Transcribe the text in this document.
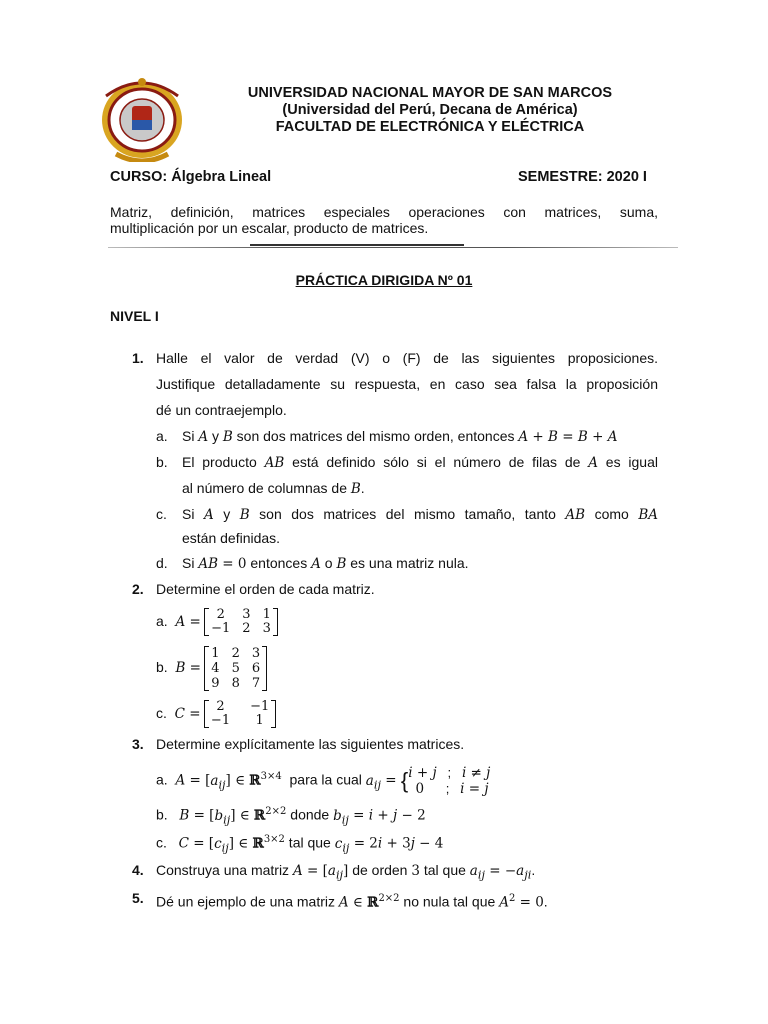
UNIVERSIDAD NACIONAL MAYOR DE SAN MARCOS
(Universidad del Perú, Decana de América)
FACULTAD DE ELECTRÓNICA Y ELÉCTRICA
CURSO: Álgebra Lineal	SEMESTRE: 2020 I
Matriz, definición, matrices especiales operaciones con matrices, suma,
multiplicación por un escalar, producto de matrices.
PRÁCTICA DIRIGIDA Nº 01
NIVEL I
1. Halle el valor de verdad (V) o (F) de las siguientes proposiciones.
Justifique detalladamente su respuesta, en caso sea falsa la proposición
dé un contraejemplo.
a. Si A y B son dos matrices del mismo orden, entonces A + B = B + A
b. El producto AB está definido sólo si el número de filas de A es igual
al número de columnas de B.
c. Si A y B son dos matrices del mismo tamaño, tanto AB como BA
están definidas.
d. Si AB = 0 entonces A o B es una matriz nula.
2. Determine el orden de cada matriz.
a.  A = 2	3	1
−1	2	3
b.  B =
1	2	3
4	5	6
9	8	7
c.  C = 2	−1
−1	1
3. Determine explícitamente las siguientes matrices.
a.  $A = [a_{ij}]$ ∈ ℝ$^{3\times 4}$  para la cual $a_{ij} = \{i + j$   ;   i ≠ j
0      ;   i = j
b.   $B = [b_{ij}]$ ∈ ℝ$^{2\times 2}$ donde $b_{ij} = i + j - 2$
c.   $C = [c_{ij}]$ ∈ ℝ$^{3\times 2}$ tal que $c_{ij} = 2i + 3j - 4$
4. Construya una matriz $A = [a_{ij}]$ de orden 3 tal que $a_{ij} = -a_{ji}$.
5. Dé un ejemplo de una matriz A ∈ ℝ$^{2\times 2}$ no nula tal que $A^2 = 0$.
